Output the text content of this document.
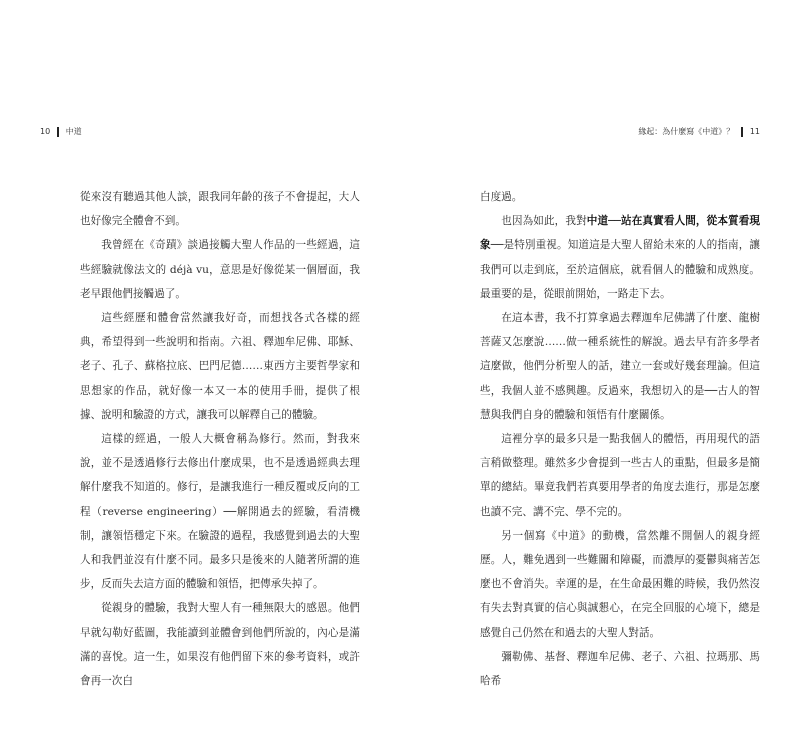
10 中道	緣起：為什麼寫《中道》？ 11

從來沒有聽過其他人談，跟我同年齡的孩子不會提起，大人也好像完全體會不到。

我曾經在《奇蹟》談過接觸大聖人作品的一些經過，這些經驗就像法文的 déjà vu，意思是好像從某一個層面，我老早跟他們接觸過了。

這些經歷和體會當然讓我好奇，而想找各式各樣的經典，希望得到一些說明和指南。六祖、釋迦牟尼佛、耶穌、老子、孔子、蘇格拉底、巴門尼德……東西方主要哲學家和思想家的作品，就好像一本又一本的使用手冊，提供了根據、說明和驗證的方式，讓我可以解釋自己的體驗。

這樣的經過，一般人大概會稱為修行。然而，對我來說，並不是透過修行去修出什麼成果，也不是透過經典去理解什麼我不知道的。修行，是讓我進行一種反覆或反向的工程（reverse engineering）──解開過去的經驗，看清機制，讓領悟穩定下來。在驗證的過程，我感覺到過去的大聖人和我們並沒有什麼不同。最多只是後來的人隨著所謂的進步，反而失去這方面的體驗和領悟，把傳承失掉了。

從親身的體驗，我對大聖人有一種無限大的感恩。他們早就勾勒好藍圖，我能讀到並體會到他們所說的，內心是滿滿的喜悅。這一生，如果沒有他們留下來的參考資料，或許會再一次白

白度過。

也因為如此，我對中道──站在真實看人間，從本質看現象──是特別重視。知道這是大聖人留給未來的人的指南，讓我們可以走到底，至於這個底，就看個人的體驗和成熟度。最重要的是，從眼前開始，一路走下去。

在這本書，我不打算拿過去釋迦牟尼佛講了什麼、龍樹菩薩又怎麼說……做一種系統性的解說。過去早有許多學者這麼做，他們分析聖人的話，建立一套或好幾套理論。但這些，我個人並不感興趣。反過來，我想切入的是──古人的智慧與我們自身的體驗和領悟有什麼關係。

這裡分享的最多只是一點我個人的體悟，再用現代的語言稍做整理。雖然多少會提到一些古人的重點，但最多是簡單的總結。畢竟我們若真要用學者的角度去進行，那是怎麼也讀不完、講不完、學不完的。

另一個寫《中道》的動機，當然離不開個人的親身經歷。人，難免遇到一些難關和障礙，而濃厚的憂鬱與痛苦怎麼也不會消失。幸運的是，在生命最困難的時候，我仍然沒有失去對真實的信心與誠懇心，在完全回服的心境下，總是感覺自己仍然在和過去的大聖人對話。

彌勒佛、基督、釋迦牟尼佛、老子、六祖、拉瑪那、馬哈希
